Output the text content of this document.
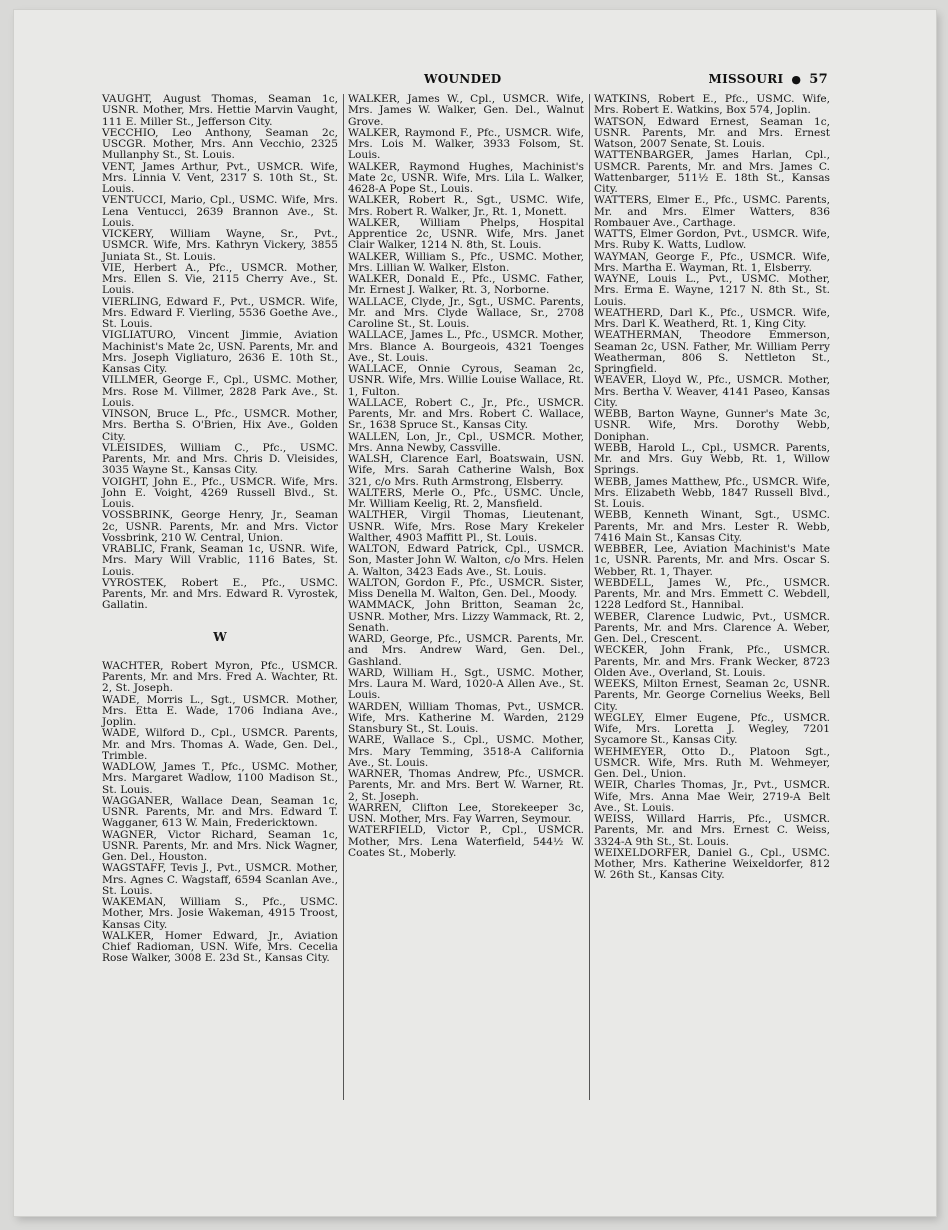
WOUNDED	MISSOURI ● 57

VAUGHT, August Thomas, Seaman 1c, USNR. Mother, Mrs. Hettie Marvin Vaught, 111 E. Miller St., Jefferson City.

VECCHIO, Leo Anthony, Seaman 2c, USCGR. Mother, Mrs. Ann Vecchio, 2325 Mullanphy St., St. Louis.

VENT, James Arthur, Pvt., USMCR. Wife, Mrs. Linnia V. Vent, 2317 S. 10th St., St. Louis.

VENTUCCI, Mario, Cpl., USMC. Wife, Mrs. Lena Ventucci, 2639 Brannon Ave., St. Louis.

VICKERY, William Wayne, Sr., Pvt., USMCR. Wife, Mrs. Kathryn Vickery, 3855 Juniata St., St. Louis.

VIE, Herbert A., Pfc., USMCR. Mother, Mrs. Ellen S. Vie, 2115 Cherry Ave., St. Louis.

VIERLING, Edward F., Pvt., USMCR. Wife, Mrs. Edward F. Vierling, 5536 Goethe Ave., St. Louis.

VIGLIATURO, Vincent Jimmie, Aviation Machinist's Mate 2c, USN. Parents, Mr. and Mrs. Joseph Vigliaturo, 2636 E. 10th St., Kansas City.

VILLMER, George F., Cpl., USMC. Mother, Mrs. Rose M. Villmer, 2828 Park Ave., St. Louis.

VINSON, Bruce L., Pfc., USMCR. Mother, Mrs. Bertha S. O'Brien, Hix Ave., Golden City.

VLEISIDES, William C., Pfc., USMC. Parents, Mr. and Mrs. Chris D. Vleisides, 3035 Wayne St., Kansas City.

VOIGHT, John E., Pfc., USMCR. Wife, Mrs. John E. Voight, 4269 Russell Blvd., St. Louis.

VOSSBRINK, George Henry, Jr., Seaman 2c, USNR. Parents, Mr. and Mrs. Victor Vossbrink, 210 W. Central, Union.

VRABLIC, Frank, Seaman 1c, USNR. Wife, Mrs. Mary Will Vrablic, 1116 Bates, St. Louis.

VYROSTEK, Robert E., Pfc., USMC. Parents, Mr. and Mrs. Edward R. Vyrostek, Gallatin.

W

WACHTER, Robert Myron, Pfc., USMCR. Parents, Mr. and Mrs. Fred A. Wachter, Rt. 2, St. Joseph.

WADE, Morris L., Sgt., USMCR. Mother, Mrs. Etta E. Wade, 1706 Indiana Ave., Joplin.

WADE, Wilford D., Cpl., USMCR. Parents, Mr. and Mrs. Thomas A. Wade, Gen. Del., Trimble.

WADLOW, James T., Pfc., USMC. Mother, Mrs. Margaret Wadlow, 1100 Madison St., St. Louis.

WAGGANER, Wallace Dean, Seaman 1c, USNR. Parents, Mr. and Mrs. Edward T. Wagganer, 613 W. Main, Fredericktown.

WAGNER, Victor Richard, Seaman 1c, USNR. Parents, Mr. and Mrs. Nick Wagner, Gen. Del., Houston.

WAGSTAFF, Tevis J., Pvt., USMCR. Mother, Mrs. Agnes C. Wagstaff, 6594 Scanlan Ave., St. Louis.

WAKEMAN, William S., Pfc., USMC. Mother, Mrs. Josie Wakeman, 4915 Troost, Kansas City.

WALKER, Homer Edward, Jr., Aviation Chief Radioman, USN. Wife, Mrs. Cecelia Rose Walker, 3008 E. 23d St., Kansas City.

WALKER, James W., Cpl., USMCR. Wife, Mrs. James W. Walker, Gen. Del., Walnut Grove.

WALKER, Raymond F., Pfc., USMCR. Wife, Mrs. Lois M. Walker, 3933 Folsom, St. Louis.

WALKER, Raymond Hughes, Machinist's Mate 2c, USNR. Wife, Mrs. Lila L. Walker, 4628-A Pope St., Louis.

WALKER, Robert R., Sgt., USMC. Wife, Mrs. Robert R. Walker, Jr., Rt. 1, Monett.

WALKER, William Phelps, Hospital Apprentice 2c, USNR. Wife, Mrs. Janet Clair Walker, 1214 N. 8th, St. Louis.

WALKER, William S., Pfc., USMC. Mother, Mrs. Lillian W. Walker, Elston.

WALKER, Donald E., Pfc., USMC. Father, Mr. Ernest J. Walker, Rt. 3, Norborne.

WALLACE, Clyde, Jr., Sgt., USMC. Parents, Mr. and Mrs. Clyde Wallace, Sr., 2708 Caroline St., St. Louis.

WALLACE, James L., Pfc., USMCR. Mother, Mrs. Blance A. Bourgeois, 4321 Toenges Ave., St. Louis.

WALLACE, Onnie Cyrous, Seaman 2c, USNR. Wife, Mrs. Willie Louise Wallace, Rt. 1, Fulton.

WALLACE, Robert C., Jr., Pfc., USMCR. Parents, Mr. and Mrs. Robert C. Wallace, Sr., 1638 Spruce St., Kansas City.

WALLEN, Lon, Jr., Cpl., USMCR. Mother, Mrs. Anna Newby, Cassville.

WALSH, Clarence Earl, Boatswain, USN. Wife, Mrs. Sarah Catherine Walsh, Box 321, c/o Mrs. Ruth Armstrong, Elsberry.

WALTERS, Merle O., Pfc., USMC. Uncle, Mr. William Keelig, Rt. 2, Mansfield.

WALTHER, Virgil Thomas, Lieutenant, USNR. Wife, Mrs. Rose Mary Krekeler Walther, 4903 Maffitt Pl., St. Louis.

WALTON, Edward Patrick, Cpl., USMCR. Son, Master John W. Walton, c/o Mrs. Helen A. Walton, 3423 Eads Ave., St. Louis.

WALTON, Gordon F., Pfc., USMCR. Sister, Miss Denella M. Walton, Gen. Del., Moody.

WAMMACK, John Britton, Seaman 2c, USNR. Mother, Mrs. Lizzy Wammack, Rt. 2, Senath.

WARD, George, Pfc., USMCR. Parents, Mr. and Mrs. Andrew Ward, Gen. Del., Gashland.

WARD, William H., Sgt., USMC. Mother, Mrs. Laura M. Ward, 1020-A Allen Ave., St. Louis.

WARDEN, William Thomas, Pvt., USMCR. Wife, Mrs. Katherine M. Warden, 2129 Stansbury St., St. Louis.

WARE, Wallace S., Cpl., USMC. Mother, Mrs. Mary Temming, 3518-A California Ave., St. Louis.

WARNER, Thomas Andrew, Pfc., USMCR. Parents, Mr. and Mrs. Bert W. Warner, Rt. 2, St. Joseph.

WARREN, Clifton Lee, Storekeeper 3c, USN. Mother, Mrs. Fay Warren, Seymour.

WATERFIELD, Victor P., Cpl., USMCR. Mother, Mrs. Lena Waterfield, 544½ W. Coates St., Moberly.

WATKINS, Robert E., Pfc., USMC. Wife, Mrs. Robert E. Watkins, Box 574, Joplin.

WATSON, Edward Ernest, Seaman 1c, USNR. Parents, Mr. and Mrs. Ernest Watson, 2007 Senate, St. Louis.

WATTENBARGER, James Harlan, Cpl., USMCR. Parents, Mr. and Mrs. James C. Wattenbarger, 511½ E. 18th St., Kansas City.

WATTERS, Elmer E., Pfc., USMC. Parents, Mr. and Mrs. Elmer Watters, 836 Rombauer Ave., Carthage.

WATTS, Elmer Gordon, Pvt., USMCR. Wife, Mrs. Ruby K. Watts, Ludlow.

WAYMAN, George F., Pfc., USMCR. Wife, Mrs. Martha E. Wayman, Rt. 1, Elsberry.

WAYNE, Louis L., Pvt., USMC. Mother, Mrs. Erma E. Wayne, 1217 N. 8th St., St. Louis.

WEATHERD, Darl K., Pfc., USMCR. Wife, Mrs. Darl K. Weatherd, Rt. 1, King City.

WEATHERMAN, Theodore Emmerson, Seaman 2c, USN. Father, Mr. William Perry Weatherman, 806 S. Nettleton St., Springfield.

WEAVER, Lloyd W., Pfc., USMCR. Mother, Mrs. Bertha V. Weaver, 4141 Paseo, Kansas City.

WEBB, Barton Wayne, Gunner's Mate 3c, USNR. Wife, Mrs. Dorothy Webb, Doniphan.

WEBB, Harold L., Cpl., USMCR. Parents, Mr. and Mrs. Guy Webb, Rt. 1, Willow Springs.

WEBB, James Matthew, Pfc., USMCR. Wife, Mrs. Elizabeth Webb, 1847 Russell Blvd., St. Louis.

WEBB, Kenneth Winant, Sgt., USMC. Parents, Mr. and Mrs. Lester R. Webb, 7416 Main St., Kansas City.

WEBBER, Lee, Aviation Machinist's Mate 1c, USNR. Parents, Mr. and Mrs. Oscar S. Webber, Rt. 1, Thayer.

WEBDELL, James W., Pfc., USMCR. Parents, Mr. and Mrs. Emmett C. Webdell, 1228 Ledford St., Hannibal.

WEBER, Clarence Ludwic, Pvt., USMCR. Parents, Mr. and Mrs. Clarence A. Weber, Gen. Del., Crescent.

WECKER, John Frank, Pfc., USMCR. Parents, Mr. and Mrs. Frank Wecker, 8723 Olden Ave., Overland, St. Louis.

WEEKS, Milton Ernest, Seaman 2c, USNR. Parents, Mr. George Cornelius Weeks, Bell City.

WEGLEY, Elmer Eugene, Pfc., USMCR. Wife, Mrs. Loretta J. Wegley, 7201 Sycamore St., Kansas City.

WEHMEYER, Otto D., Platoon Sgt., USMCR. Wife, Mrs. Ruth M. Wehmeyer, Gen. Del., Union.

WEIR, Charles Thomas, Jr., Pvt., USMCR. Wife, Mrs. Anna Mae Weir, 2719-A Belt Ave., St. Louis.

WEISS, Willard Harris, Pfc., USMCR. Parents, Mr. and Mrs. Ernest C. Weiss, 3324-A 9th St., St. Louis.

WEIXELDORFER, Daniel G., Cpl., USMC. Mother, Mrs. Katherine Weixeldorfer, 812 W. 26th St., Kansas City.
